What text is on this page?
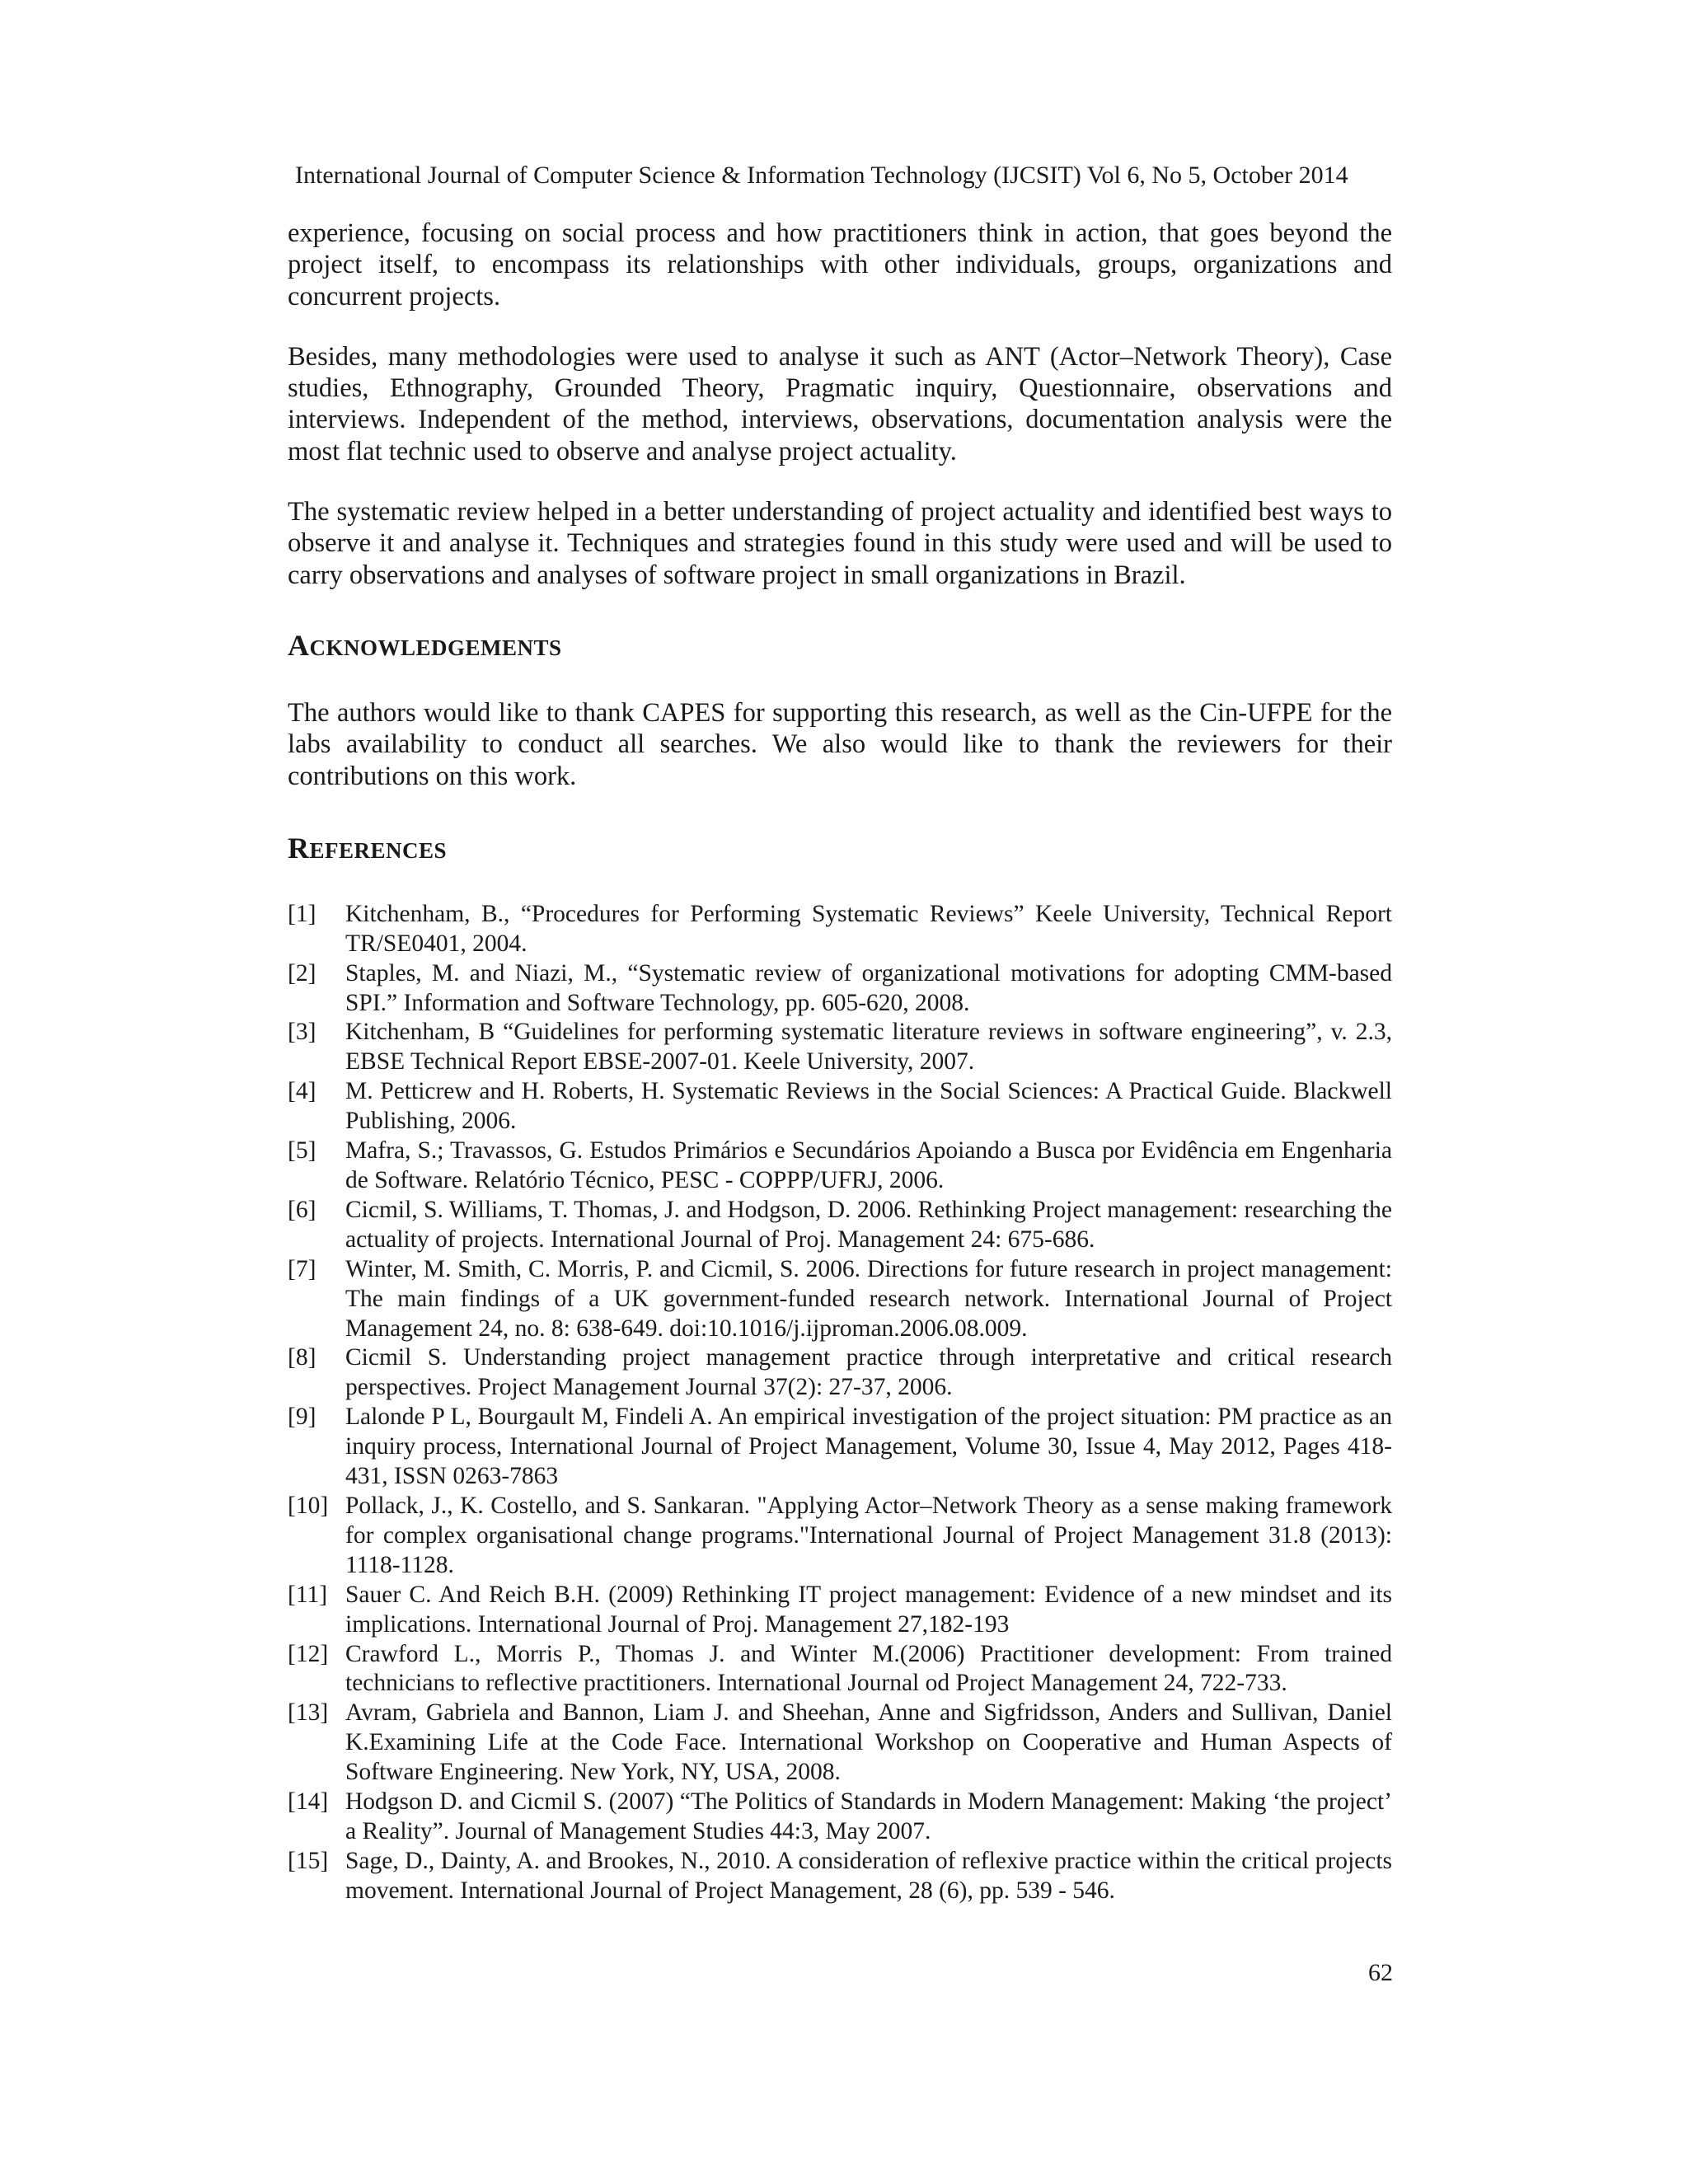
International Journal of Computer Science & Information Technology (IJCSIT) Vol 6, No 5, October 2014

experience, focusing on social process and how practitioners think in action, that goes beyond the project itself, to encompass its relationships with other individuals, groups, organizations and concurrent projects.

Besides, many methodologies were used to analyse it such as ANT (Actor–Network Theory), Case studies, Ethnography, Grounded Theory, Pragmatic inquiry, Questionnaire, observations and interviews. Independent of the method, interviews, observations, documentation analysis were the most flat technic used to observe and analyse project actuality.

The systematic review helped in a better understanding of project actuality and identified best ways to observe it and analyse it. Techniques and strategies found in this study were used and will be used to carry observations and analyses of software project in small organizations in Brazil.

ACKNOWLEDGEMENTS

The authors would like to thank CAPES for supporting this research, as well as the Cin-UFPE for the labs availability to conduct all searches. We also would like to thank the reviewers for their contributions on this work.

REFERENCES
[1]	Kitchenham, B., “Procedures for Performing Systematic Reviews” Keele University, Technical Report TR/SE0401, 2004.
[2]	Staples, M. and Niazi, M., “Systematic review of organizational motivations for adopting CMM-based SPI.” Information and Software Technology, pp. 605-620, 2008.
[3]	Kitchenham, B “Guidelines for performing systematic literature reviews in software engineering”, v. 2.3, EBSE Technical Report EBSE-2007-01. Keele University, 2007.
[4]	M. Petticrew and H. Roberts, H. Systematic Reviews in the Social Sciences: A Practical Guide. Blackwell Publishing, 2006.
[5]	Mafra, S.; Travassos, G. Estudos Primários e Secundários Apoiando a Busca por Evidência em Engenharia de Software. Relatório Técnico, PESC - COPPP/UFRJ, 2006.
[6]	Cicmil, S. Williams, T. Thomas, J. and Hodgson, D. 2006. Rethinking Project management: researching the actuality of projects. International Journal of Proj. Management 24: 675-686.
[7]	Winter, M. Smith, C. Morris, P. and Cicmil, S. 2006. Directions for future research in project management: The main findings of a UK government-funded research network. International Journal of Project Management 24, no. 8: 638-649. doi:10.1016/j.ijproman.2006.08.009.
[8]	Cicmil S. Understanding project management practice through interpretative and critical research perspectives. Project Management Journal 37(2): 27-37, 2006.
[9]	Lalonde P L, Bourgault M, Findeli A. An empirical investigation of the project situation: PM practice as an inquiry process, International Journal of Project Management, Volume 30, Issue 4, May 2012, Pages 418-431, ISSN 0263-7863
[10] Pollack, J., K. Costello, and S. Sankaran. "Applying Actor–Network Theory as a sense making framework for complex organisational change programs."International Journal of Project Management 31.8 (2013): 1118-1128.
[11] Sauer C. And Reich B.H. (2009) Rethinking IT project management: Evidence of a new mindset and its implications. International Journal of Proj. Management 27,182-193
[12] Crawford L., Morris P., Thomas J. and Winter M.(2006) Practitioner development: From trained technicians to reflective practitioners. International Journal od Project Management 24, 722-733.
[13] Avram, Gabriela and Bannon, Liam J. and Sheehan, Anne and Sigfridsson, Anders and Sullivan, Daniel K.Examining Life at the Code Face. International Workshop on Cooperative and Human Aspects of Software Engineering. New York, NY, USA, 2008.
[14] Hodgson D. and Cicmil S. (2007) “The Politics of Standards in Modern Management: Making ‘the project’ a Reality”. Journal of Management Studies 44:3, May 2007.
[15] Sage, D., Dainty, A. and Brookes, N., 2010. A consideration of reflexive practice within the critical projects movement. International Journal of Project Management, 28 (6), pp. 539 - 546.
62
